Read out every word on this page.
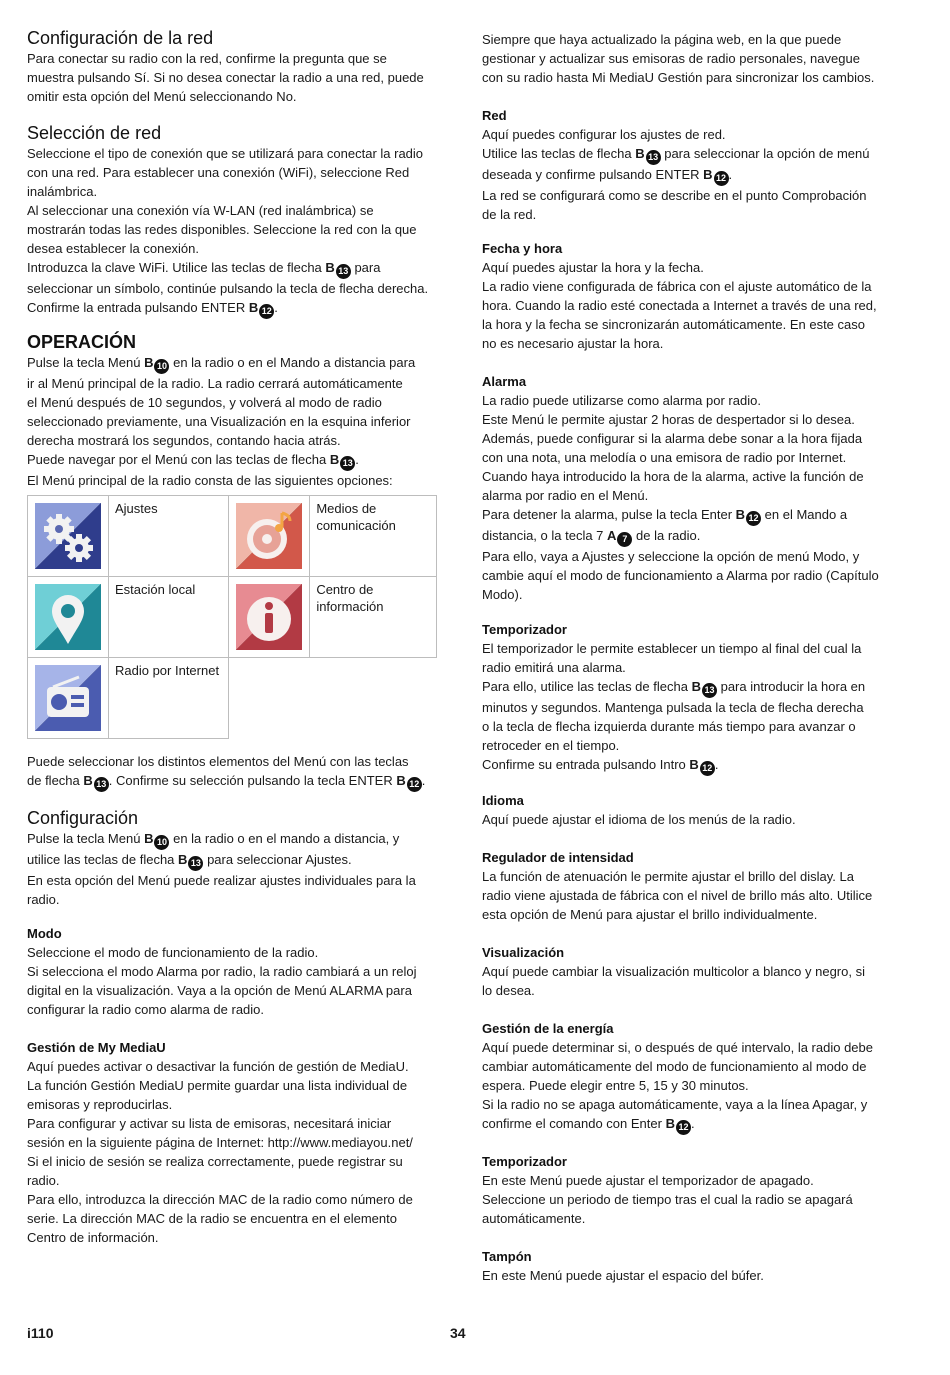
Configuración de la red

Para conectar su radio con la red, confirme la pregunta que se

muestra pulsando Sí. Si no desea conectar la radio a una red, puede

omitir esta opción del Menú seleccionando No.

Selección de red

Seleccione el tipo de conexión que se utilizará para conectar la radio

con una red. Para establecer una conexión (WiFi), seleccione Red

inalámbrica.

Al seleccionar una conexión vía W-LAN (red inalámbrica) se

mostrarán todas las redes disponibles. Seleccione la red con la que

desea establecer la conexión.

Introduzca la clave WiFi. Utilice las teclas de flecha B 13 para

seleccionar un símbolo, continúe pulsando la tecla de flecha derecha.

Confirme la entrada pulsando ENTER B 12 .

OPERACIÓN

Pulse la tecla Menú B 10 en la radio o en el Mando a distancia para

ir al Menú principal de la radio. La radio cerrará automáticamente

el Menú después de 10 segundos, y volverá al modo de radio

seleccionado previamente, una Visualización en la esquina inferior

derecha mostrará los segundos, contando hacia atrás.

Puede navegar por el Menú con las teclas de flecha B 13 .

El Menú principal de la radio consta de las siguientes opciones:

	Ajustes		Medios de comunicación

	Estación local		Centro de información

	Radio por Internet		

Puede seleccionar los distintos elementos del Menú con las teclas

de flecha B 13 . Confirme su selección pulsando la tecla ENTER B 12 .

Configuración

Pulse la tecla Menú B 10 en la radio o en el mando a distancia, y

utilice las teclas de flecha B 13 para seleccionar Ajustes.

En esta opción del Menú puede realizar ajustes individuales para la

radio.

Modo

Seleccione el modo de funcionamiento de la radio.

Si selecciona el modo Alarma por radio, la radio cambiará a un reloj

digital en la visualización. Vaya a la opción de Menú ALARMA para

configurar la radio como alarma de radio.

Gestión de My MediaU

Aquí puedes activar o desactivar la función de gestión de MediaU.

La función Gestión MediaU permite guardar una lista individual de

emisoras y reproducirlas.

Para configurar y activar su lista de emisoras, necesitará iniciar

sesión en la siguiente página de Internet: http://www.mediayou.net/

Si el inicio de sesión se realiza correctamente, puede registrar su

radio.

Para ello, introduzca la dirección MAC de la radio como número de

serie. La dirección MAC de la radio se encuentra en el elemento

Centro de información.

Siempre que haya actualizado la página web, en la que puede

gestionar y actualizar sus emisoras de radio personales, navegue

con su radio hasta Mi MediaU Gestión para sincronizar los cambios.

Red

Aquí puedes configurar los ajustes de red.

Utilice las teclas de flecha B 13 para seleccionar la opción de menú

deseada y confirme pulsando ENTER B 12 .

La red se configurará como se describe en el punto Comprobación

de la red.

Fecha y hora

Aquí puedes ajustar la hora y la fecha.

La radio viene configurada de fábrica con el ajuste automático de la

hora. Cuando la radio esté conectada a Internet a través de una red,

la hora y la fecha se sincronizarán automáticamente. En este caso

no es necesario ajustar la hora.

Alarma

La radio puede utilizarse como alarma por radio.

Este Menú le permite ajustar 2 horas de despertador si lo desea.

Además, puede configurar si la alarma debe sonar a la hora fijada

con una nota, una melodía o una emisora de radio por Internet.

Cuando haya introducido la hora de la alarma, active la función de

alarma por radio en el Menú.

Para detener la alarma, pulse la tecla Enter B 12 en el Mando a

distancia, o la tecla 7 A 7 de la radio.

Para ello, vaya a Ajustes y seleccione la opción de menú Modo, y

cambie aquí el modo de funcionamiento a Alarma por radio (Capítulo

Modo).

Temporizador

El temporizador le permite establecer un tiempo al final del cual la

radio emitirá una alarma.

Para ello, utilice las teclas de flecha B 13 para introducir la hora en

minutos y segundos. Mantenga pulsada la tecla de flecha derecha

o la tecla de flecha izquierda durante más tiempo para avanzar o

retroceder en el tiempo.

Confirme su entrada pulsando Intro B 12 .

Idioma

Aquí puede ajustar el idioma de los menús de la radio.

Regulador de intensidad

La función de atenuación le permite ajustar el brillo del dislay. La

radio viene ajustada de fábrica con el nivel de brillo más alto. Utilice

esta opción de Menú para ajustar el brillo individualmente.

Visualización

Aquí puede cambiar la visualización multicolor a blanco y negro, si

lo desea.

Gestión de la energía

Aquí puede determinar si, o después de qué intervalo, la radio debe

cambiar automáticamente del modo de funcionamiento al modo de

espera. Puede elegir entre 5, 15 y 30 minutos.

Si la radio no se apaga automáticamente, vaya a la línea Apagar, y

confirme el comando con Enter B 12 .

Temporizador

En este Menú puede ajustar el temporizador de apagado.

Seleccione un periodo de tiempo tras el cual la radio se apagará

automáticamente.

Tampón

En este Menú puede ajustar el espacio del búfer.

i110	34
